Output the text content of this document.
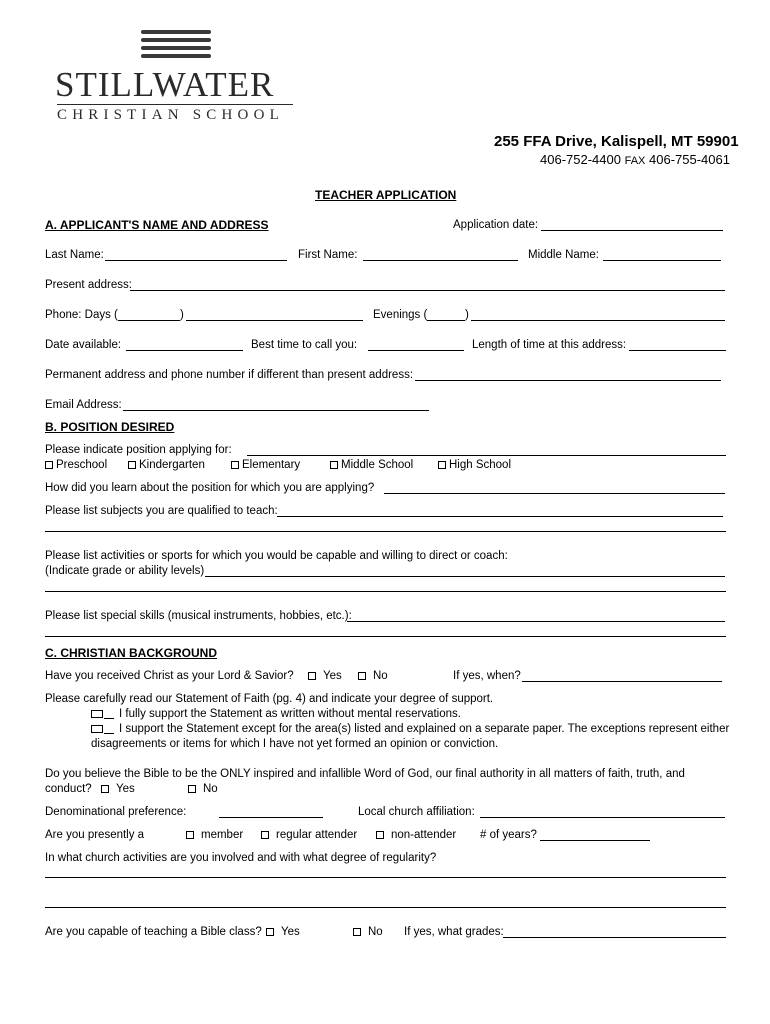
STILLWATER
CHRISTIAN SCHOOL
255 FFA Drive, Kalispell, MT 59901
406-752-4400 FAX 406-755-4061
TEACHER APPLICATION
A. APPLICANT'S NAME AND ADDRESS	Application date:
Last Name:	First Name:	Middle Name:
Present address:
Phone: Days (	)	Evenings (	)
Date available:	Best time to call you:	Length of time at this address:
Permanent address and phone number if different than present address:
Email Address:
B. POSITION DESIRED
Please indicate position applying for:
Preschool	Kindergarten	Elementary	Middle School	High School
How did you learn about the position for which you are applying?
Please list subjects you are qualified to teach:
Please list activities or sports for which you would be capable and willing to direct or coach:
(Indicate grade or ability levels)
Please list special skills (musical instruments, hobbies, etc.):
C. CHRISTIAN BACKGROUND
Have you received Christ as your Lord & Savior?	Yes	No	If yes, when?
Please carefully read our Statement of Faith (pg. 4) and indicate your degree of support.
I fully support the Statement as written without mental reservations.
I support the Statement except for the area(s) listed and explained on a separate paper. The exceptions represent either
disagreements or items for which I have not yet formed an opinion or conviction.
Do you believe the Bible to be the ONLY inspired and infallible Word of God, our final authority in all matters of faith, truth, and
conduct?	Yes	No
Denominational preference:	Local church affiliation:
Are you presently a	member	regular attender	non-attender # of years?
In what church activities are you involved and with what degree of regularity?
Are you capable of teaching a Bible class?	Yes	No If yes, what grades:
